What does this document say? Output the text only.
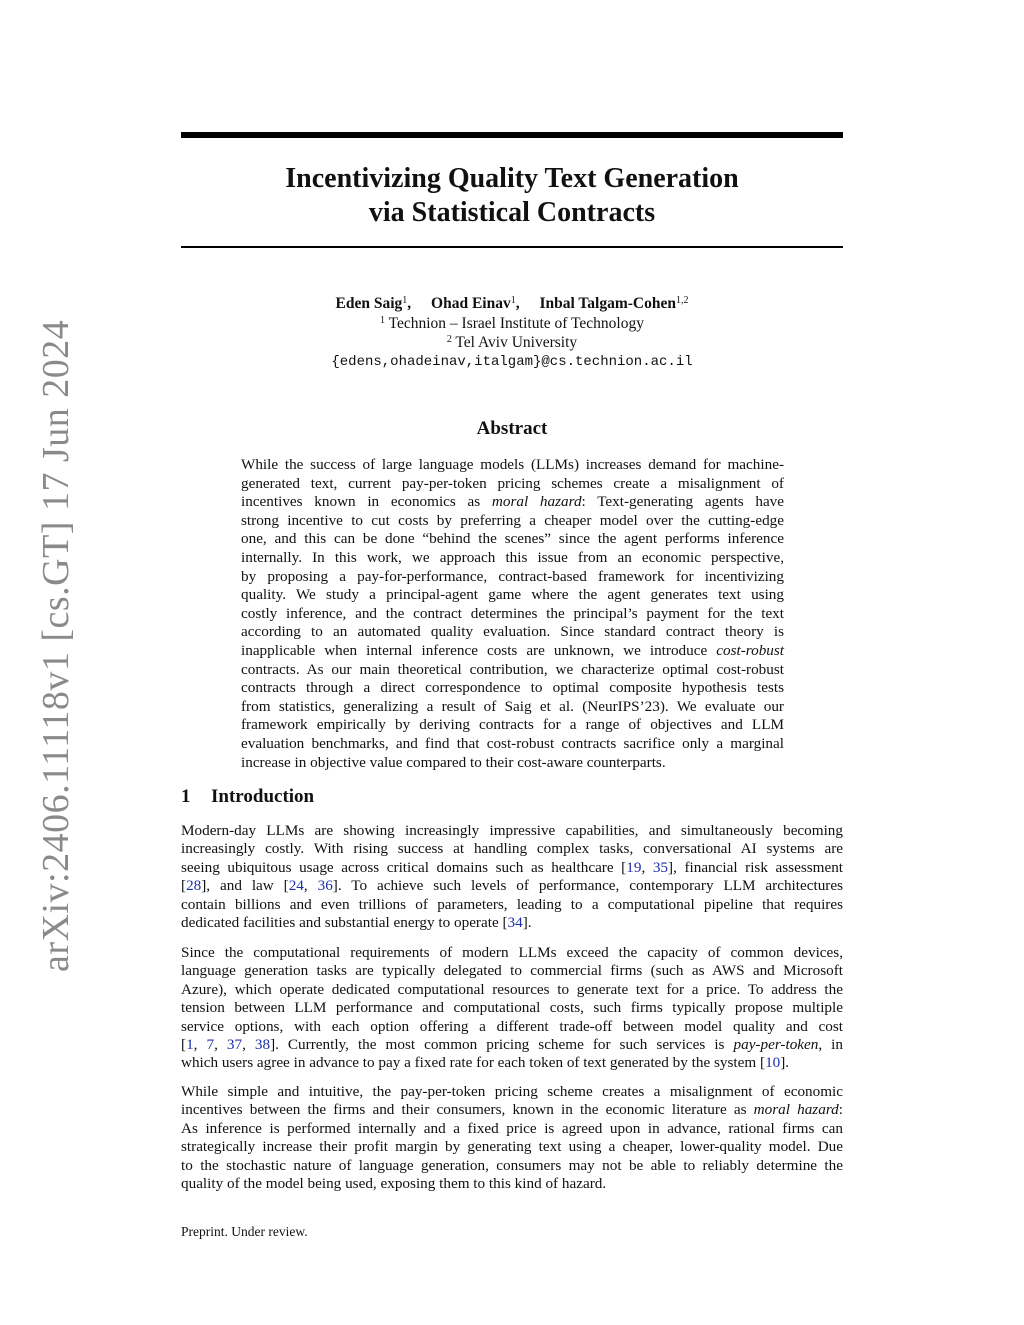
arXiv:2406.11118v1 [cs.GT] 17 Jun 2024
Incentivizing Quality Text Generation
via Statistical Contracts
Eden Saig$^1$, Ohad Einav$^1$, Inbal Talgam-Cohen$^{1,2}$
$^1$ Technion – Israel Institute of Technology
$^2$ Tel Aviv University
{edens,ohadeinav,italgam}@cs.technion.ac.il
Abstract
While the success of large language models (LLMs) increases demand for machine-
generated text, current pay-per-token pricing schemes create a misalignment of
incentives known in economics as moral hazard: Text-generating agents have
strong incentive to cut costs by preferring a cheaper model over the cutting-edge
one, and this can be done “behind the scenes” since the agent performs inference
internally. In this work, we approach this issue from an economic perspective,
by proposing a pay-for-performance, contract-based framework for incentivizing
quality. We study a principal-agent game where the agent generates text using
costly inference, and the contract determines the principal’s payment for the text
according to an automated quality evaluation. Since standard contract theory is
inapplicable when internal inference costs are unknown, we introduce cost-robust
contracts. As our main theoretical contribution, we characterize optimal cost-robust
contracts through a direct correspondence to optimal composite hypothesis tests
from statistics, generalizing a result of Saig et al. (NeurIPS’23). We evaluate our
framework empirically by deriving contracts for a range of objectives and LLM
evaluation benchmarks, and find that cost-robust contracts sacrifice only a marginal
increase in objective value compared to their cost-aware counterparts.
1 Introduction
Modern-day LLMs are showing increasingly impressive capabilities, and simultaneously becoming
increasingly costly. With rising success at handling complex tasks, conversational AI systems are
seeing ubiquitous usage across critical domains such as healthcare [19, 35], financial risk assessment
[28], and law [24, 36]. To achieve such levels of performance, contemporary LLM architectures
contain billions and even trillions of parameters, leading to a computational pipeline that requires
dedicated facilities and substantial energy to operate [34].
Since the computational requirements of modern LLMs exceed the capacity of common devices,
language generation tasks are typically delegated to commercial firms (such as AWS and Microsoft
Azure), which operate dedicated computational resources to generate text for a price. To address the
tension between LLM performance and computational costs, such firms typically propose multiple
service options, with each option offering a different trade-off between model quality and cost
[1, 7, 37, 38]. Currently, the most common pricing scheme for such services is pay-per-token, in
which users agree in advance to pay a fixed rate for each token of text generated by the system [10].
While simple and intuitive, the pay-per-token pricing scheme creates a misalignment of economic
incentives between the firms and their consumers, known in the economic literature as moral hazard:
As inference is performed internally and a fixed price is agreed upon in advance, rational firms can
strategically increase their profit margin by generating text using a cheaper, lower-quality model. Due
to the stochastic nature of language generation, consumers may not be able to reliably determine the
quality of the model being used, exposing them to this kind of hazard.
Preprint. Under review.
